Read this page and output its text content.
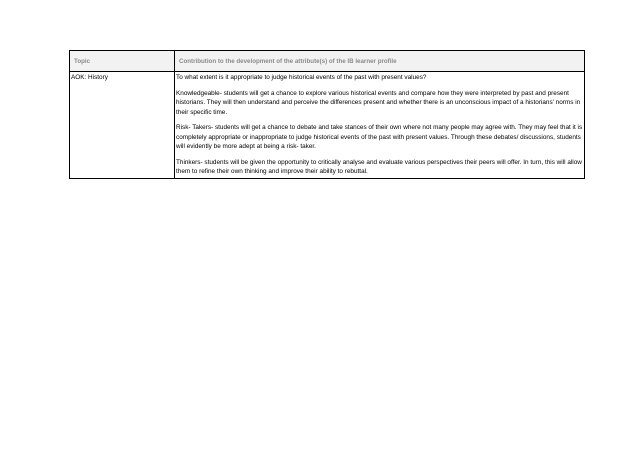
Topic	Contribution to the development of the attribute(s) of the IB learner profile
AOK: History	To what extent is it appropriate to judge historical events of the past with present values?

Knowledgeable- students will get a chance to explore various historical events and compare how they were interpreted by past and present historians. They will then understand and perceive the differences present and whether there is an unconscious impact of a historians' norms in their specific time.

Risk- Takers- students will get a chance to debate and take stances of their own where not many people may agree with. They may feel that it is completely appropriate or inappropriate to judge historical events of the past with present values. Through these debates/ discussions, students will evidently be more adept at being a risk- taker.

Thinkers- students will be given the opportunity to critically analyse and evaluate various perspectives their peers will offer. In turn, this will allow them to refine their own thinking and improve their ability to rebuttal.
